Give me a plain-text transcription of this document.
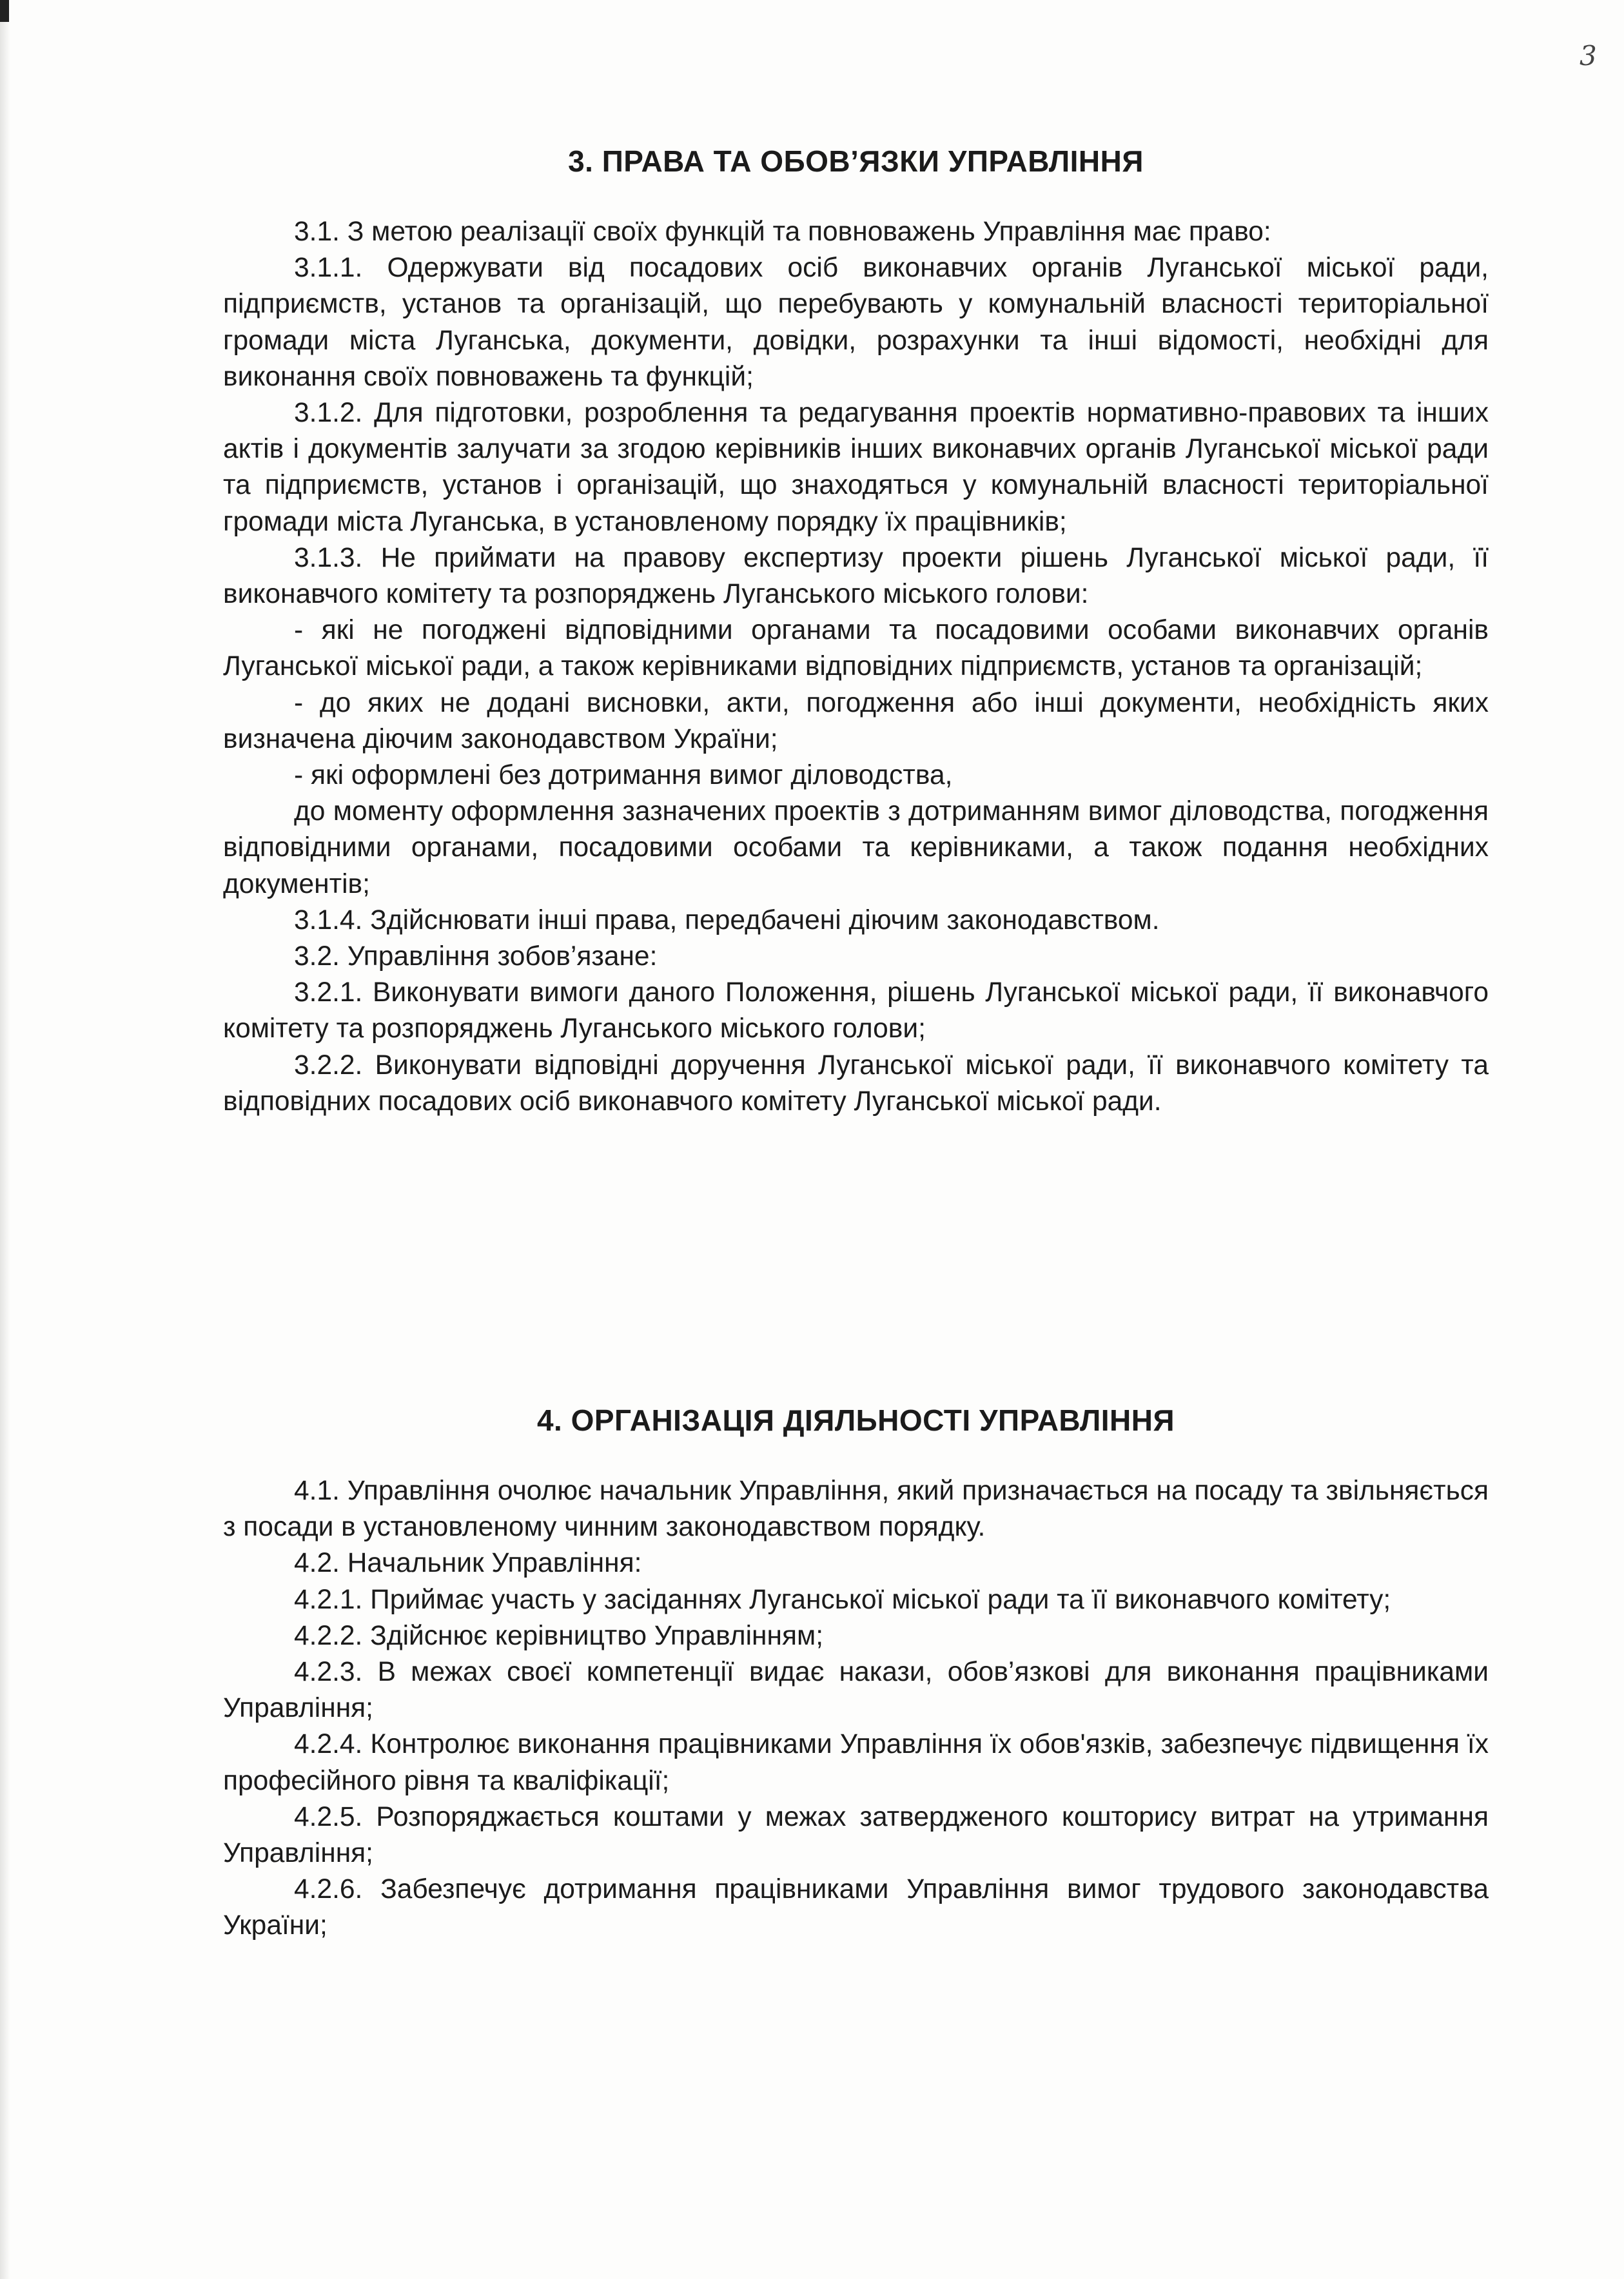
3
3. ПРАВА ТА ОБОВ’ЯЗКИ УПРАВЛІННЯ

3.1. З метою реалізації своїх функцій та повноважень Управління має право:

3.1.1. Одержувати від посадових осіб виконавчих органів Луганської міської ради, підприємств, установ та організацій, що перебувають у комунальній власності територіальної громади міста Луганська, документи, довідки, розрахунки та інші відомості, необхідні для виконання своїх повноважень та функцій;

3.1.2. Для підготовки, розроблення та редагування проектів нормативно-правових та інших актів і документів залучати за згодою керівників інших виконавчих органів Луганської міської ради та підприємств, установ і організацій, що знаходяться у комунальній власності територіальної громади міста Луганська, в установленому порядку їх працівників;

3.1.3. Не приймати на правову експертизу проекти рішень Луганської міської ради, її виконавчого комітету та розпоряджень Луганського міського голови:

- які не погоджені відповідними органами та посадовими особами виконавчих органів Луганської міської ради, а також керівниками відповідних підприємств, установ та організацій;

- до яких не додані висновки, акти, погодження або інші документи, необхідність яких визначена діючим законодавством України;

- які оформлені без дотримання вимог діловодства,

до моменту оформлення зазначених проектів з дотриманням вимог діловодства, погодження відповідними органами, посадовими особами та керівниками, а також подання необхідних документів;

3.1.4. Здійснювати інші права, передбачені діючим законодавством.

3.2. Управління зобов’язане:

3.2.1. Виконувати вимоги даного Положення, рішень Луганської міської ради, її виконавчого комітету та розпоряджень Луганського міського голови;

3.2.2. Виконувати відповідні доручення Луганської міської ради, її виконавчого комітету та відповідних посадових осіб виконавчого комітету Луганської міської ради.

4. ОРГАНІЗАЦІЯ ДІЯЛЬНОСТІ УПРАВЛІННЯ

4.1. Управління очолює начальник Управління, який призначається на посаду та звільняється з посади в установленому чинним законодавством порядку.

4.2. Начальник Управління:

4.2.1. Приймає участь у засіданнях Луганської міської ради та її виконавчого комітету;

4.2.2. Здійснює керівництво Управлінням;

4.2.3. В межах своєї компетенції видає накази, обов’язкові для виконання працівниками Управління;

4.2.4. Контролює виконання працівниками Управління їх обов'язків, забезпечує підвищення їх професійного рівня та кваліфікації;

4.2.5. Розпоряджається коштами у межах затвердженого кошторису витрат на утримання Управління;

4.2.6. Забезпечує дотримання працівниками Управління вимог трудового законодавства України;
